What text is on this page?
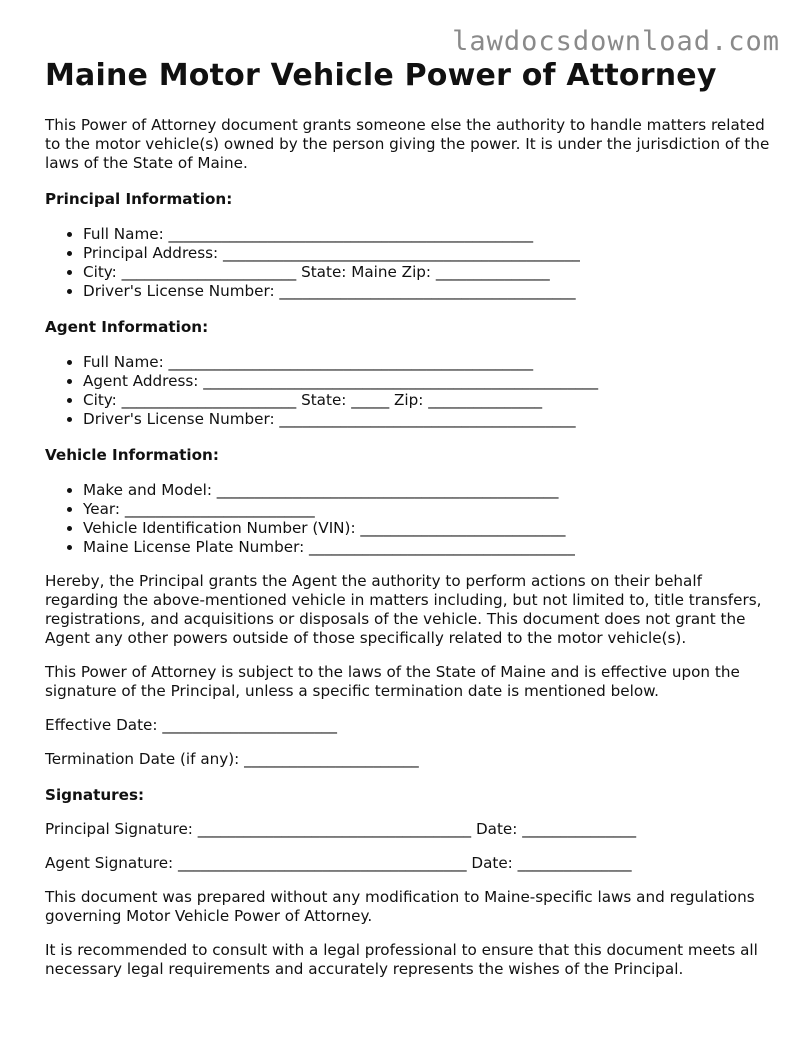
lawdocsdownload.com
Maine Motor Vehicle Power of Attorney

This Power of Attorney document grants someone else the authority to handle matters related to the motor vehicle(s) owned by the person giving the power. It is under the jurisdiction of the laws of the State of Maine.

Principal Information:
• Full Name: ________________________________________________
• Principal Address: _______________________________________________
• City: _______________________ State: Maine Zip: _______________
• Driver's License Number: _______________________________________
Agent Information:
• Full Name: ________________________________________________
• Agent Address: ____________________________________________________
• City: _______________________ State: _____ Zip: _______________
• Driver's License Number: _______________________________________
Vehicle Information:
• Make and Model: _____________________________________________
• Year: _________________________
• Vehicle Identification Number (VIN): ___________________________
• Maine License Plate Number: ___________________________________

Hereby, the Principal grants the Agent the authority to perform actions on their behalf regarding the above-mentioned vehicle in matters including, but not limited to, title transfers, registrations, and acquisitions or disposals of the vehicle. This document does not grant the Agent any other powers outside of those specifically related to the motor vehicle(s).

This Power of Attorney is subject to the laws of the State of Maine and is effective upon the signature of the Principal, unless a specific termination date is mentioned below.

Effective Date: _______________________

Termination Date (if any): _______________________

Signatures:

Principal Signature: ____________________________________ Date: _______________

Agent Signature: ______________________________________ Date: _______________

This document was prepared without any modification to Maine-specific laws and regulations governing Motor Vehicle Power of Attorney.

It is recommended to consult with a legal professional to ensure that this document meets all necessary legal requirements and accurately represents the wishes of the Principal.
